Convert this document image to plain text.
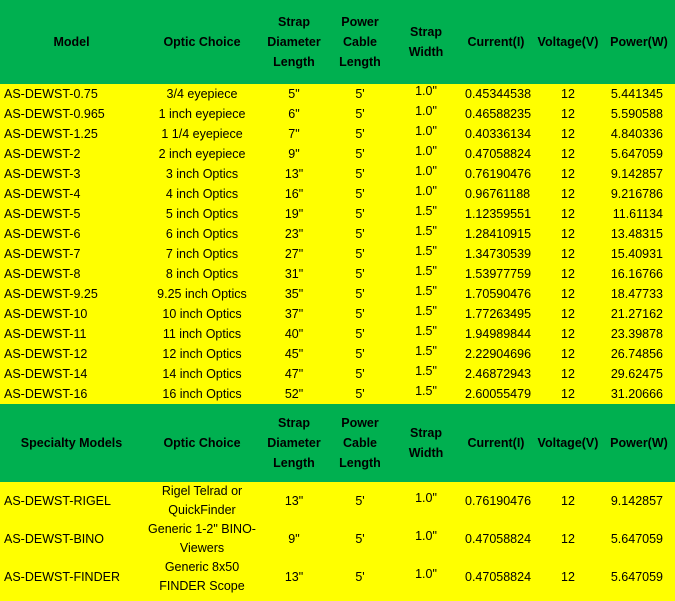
Model	Optic Choice	Strap Diameter Length	Power Cable Length	Strap Width	Current(I)	Voltage(V)	Power(W)
AS-DEWST-0.75	3/4 eyepiece	5"	5'	1.0"	0.45344538	12	5.441345
AS-DEWST-0.965	1 inch eyepiece	6"	5'	1.0"	0.46588235	12	5.590588
AS-DEWST-1.25	1 1/4 eyepiece	7"	5'	1.0"	0.40336134	12	4.840336
AS-DEWST-2	2 inch eyepiece	9"	5'	1.0"	0.47058824	12	5.647059
AS-DEWST-3	3 inch Optics	13"	5'	1.0"	0.76190476	12	9.142857
AS-DEWST-4	4 inch Optics	16"	5'	1.0"	0.96761188	12	9.216786
AS-DEWST-5	5 inch Optics	19"	5'	1.5"	1.12359551	12	11.61134
AS-DEWST-6	6 inch Optics	23"	5'	1.5"	1.28410915	12	13.48315
AS-DEWST-7	7 inch Optics	27"	5'	1.5"	1.34730539	12	15.40931
AS-DEWST-8	8 inch Optics	31"	5'	1.5"	1.53977759	12	16.16766
AS-DEWST-9.25	9.25 inch Optics	35"	5'	1.5"	1.70590476	12	18.47733
AS-DEWST-10	10 inch Optics	37"	5'	1.5"	1.77263495	12	21.27162
AS-DEWST-11	11 inch Optics	40"	5'	1.5"	1.94989844	12	23.39878
AS-DEWST-12	12 inch Optics	45"	5'	1.5"	2.22904696	12	26.74856
AS-DEWST-14	14 inch Optics	47"	5'	1.5"	2.46872943	12	29.62475
AS-DEWST-16	16 inch Optics	52"	5'	1.5"	2.60055479	12	31.20666
Specialty Models	Optic Choice	Strap Diameter Length	Power Cable Length	Strap Width	Current(I)	Voltage(V)	Power(W)
AS-DEWST-RIGEL	Rigel Telrad or QuickFinder	13"	5'	1.0"	0.76190476	12	9.142857
AS-DEWST-BINO	Generic 1-2" BINO-Viewers	9"	5'	1.0"	0.47058824	12	5.647059
AS-DEWST-FINDER	Generic 8x50 FINDER Scope	13"	5'	1.0"	0.47058824	12	5.647059
